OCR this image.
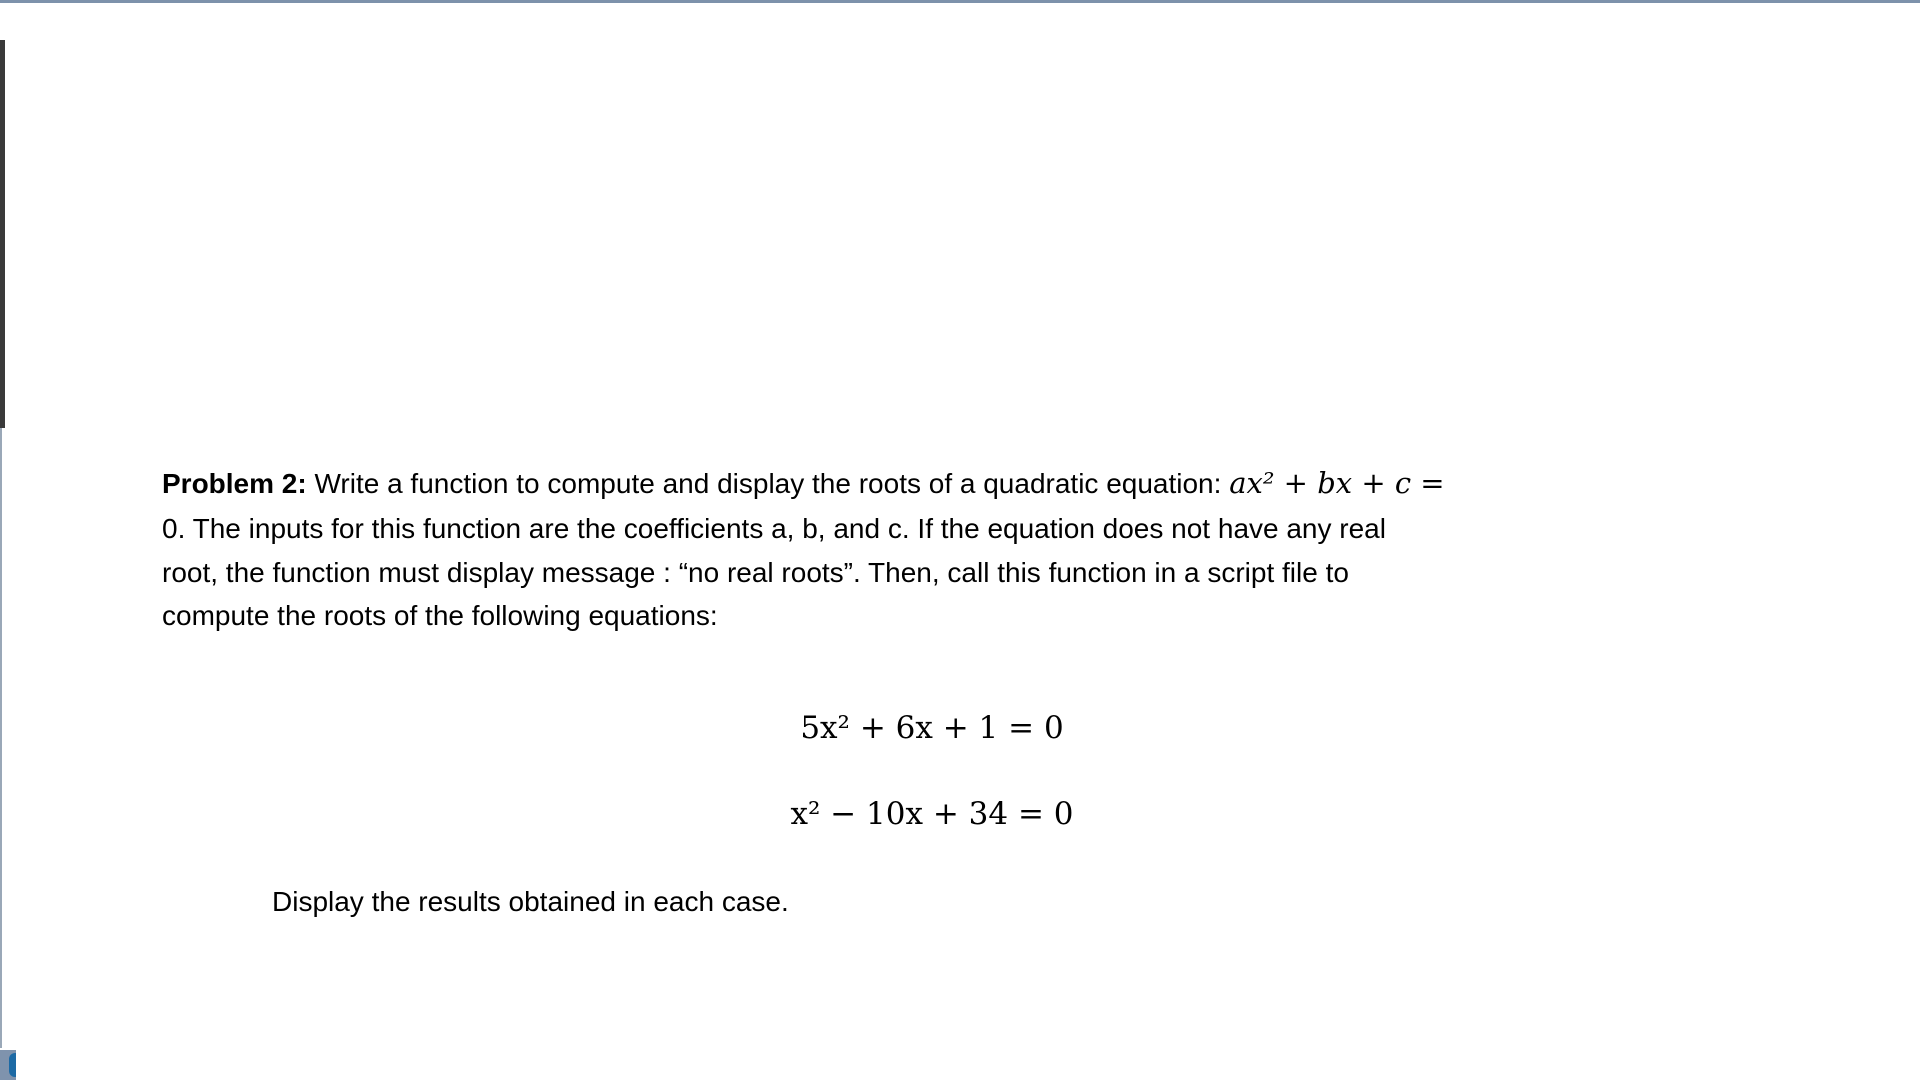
Problem 2: Write a function to compute and display the roots of a quadratic equation: ax² + bx + c =
0. The inputs for this function are the coefficients a, b, and c. If the equation does not have any real
root, the function must display message : “no real roots”. Then, call this function in a script file to
compute the roots of the following equations:
5x² + 6x + 1 = 0
x² − 10x + 34 = 0
Display the results obtained in each case.
